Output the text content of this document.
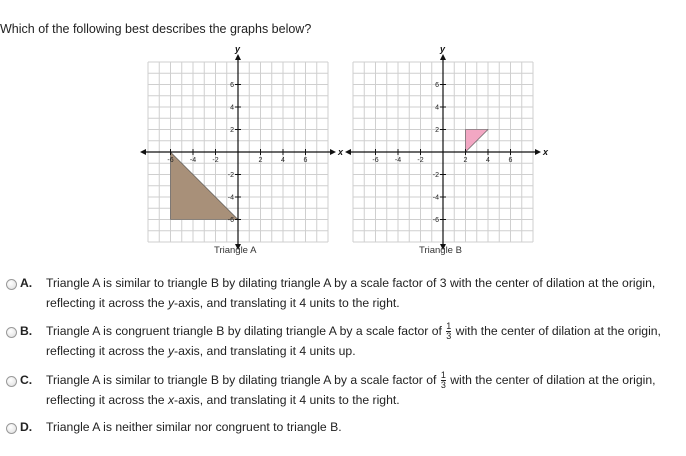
Which of the following best describes the graphs below?
x
y
-6 -4 -2	2	4	6
6
4
2
-2
-4
-6
x
y
-6 -4 -2	2	4	6
6
4
2
-2
-4
-6
Triangle A	Triangle B
A. Triangle A is similar to triangle B by dilating triangle A by a scale factor of 3 with the center of dilation at the origin,
reflecting it across the y-axis, and translating it 4 units to the right.
B. Triangle A is congruent triangle B by dilating triangle A by a scale factor of $\frac{1}{3}$ with the center of dilation at the origin,
reflecting it across the y-axis, and translating it 4 units up.
C. Triangle A is similar to triangle B by dilating triangle A by a scale factor of $\frac{1}{3}$ with the center of dilation at the origin,
reflecting it across the x-axis, and translating it 4 units to the right.
D. Triangle A is neither similar nor congruent to triangle B.
